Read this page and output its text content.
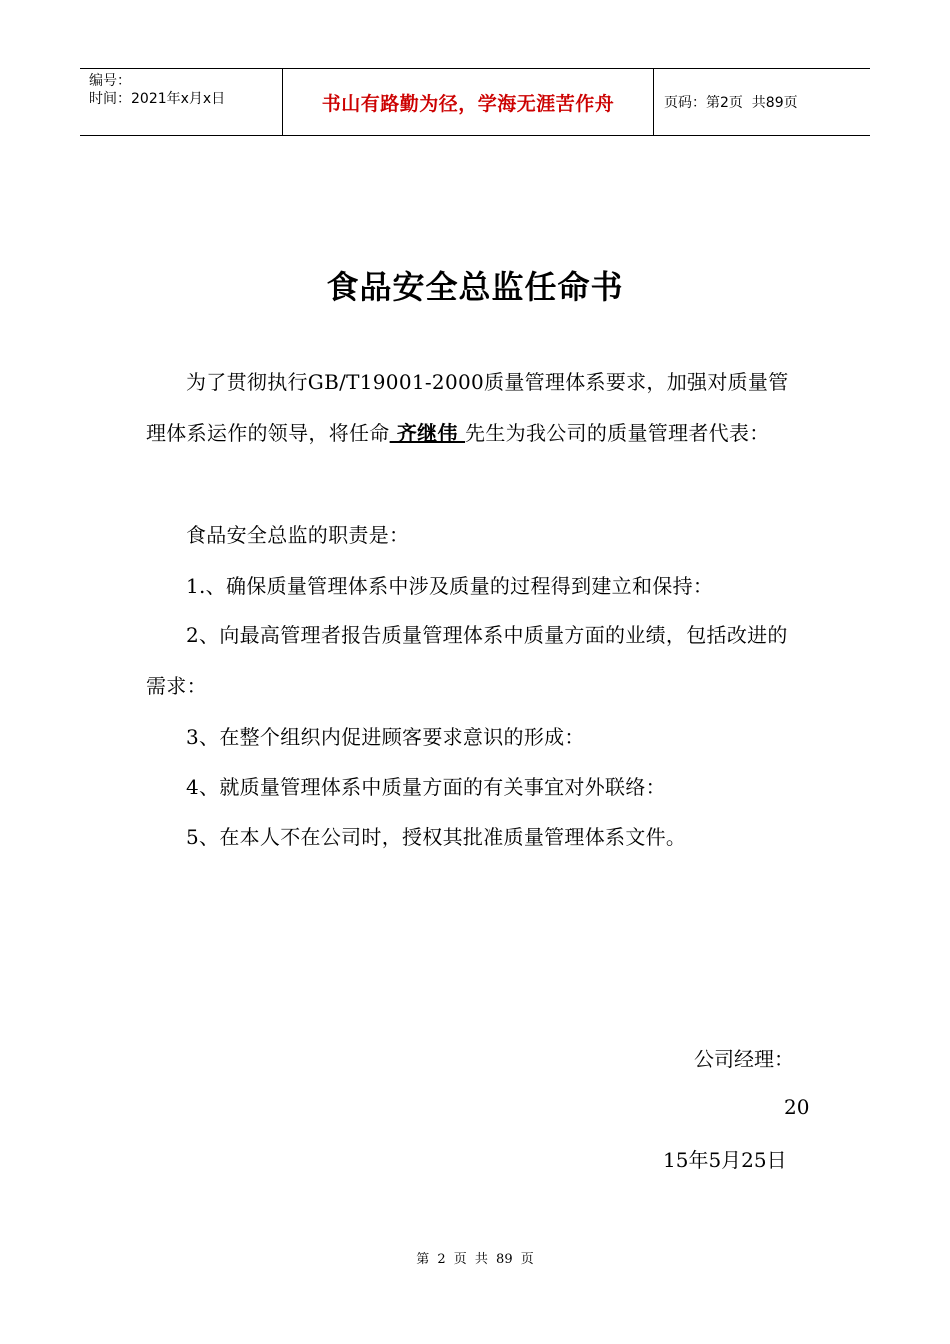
编号：
时间：2021年x月x日	书山有路勤为径，学海无涯苦作舟	页码：第2页  共89页
食品安全总监任命书
为了贯彻执行GB/T19001-2000质量管理体系要求，加强对质量管理体系运作的领导，将任命 齐继伟 先生为我公司的质量管理者代表：
食品安全总监的职责是：
1.、确保质量管理体系中涉及质量的过程得到建立和保持：
2、向最高管理者报告质量管理体系中质量方面的业绩，包括改进的需求：
3、在整个组织内促进顾客要求意识的形成：
4、就质量管理体系中质量方面的有关事宜对外联络：
5、在本人不在公司时，授权其批准质量管理体系文件。
公司经理：
20
15年5月25日
第 2 页 共 89 页
